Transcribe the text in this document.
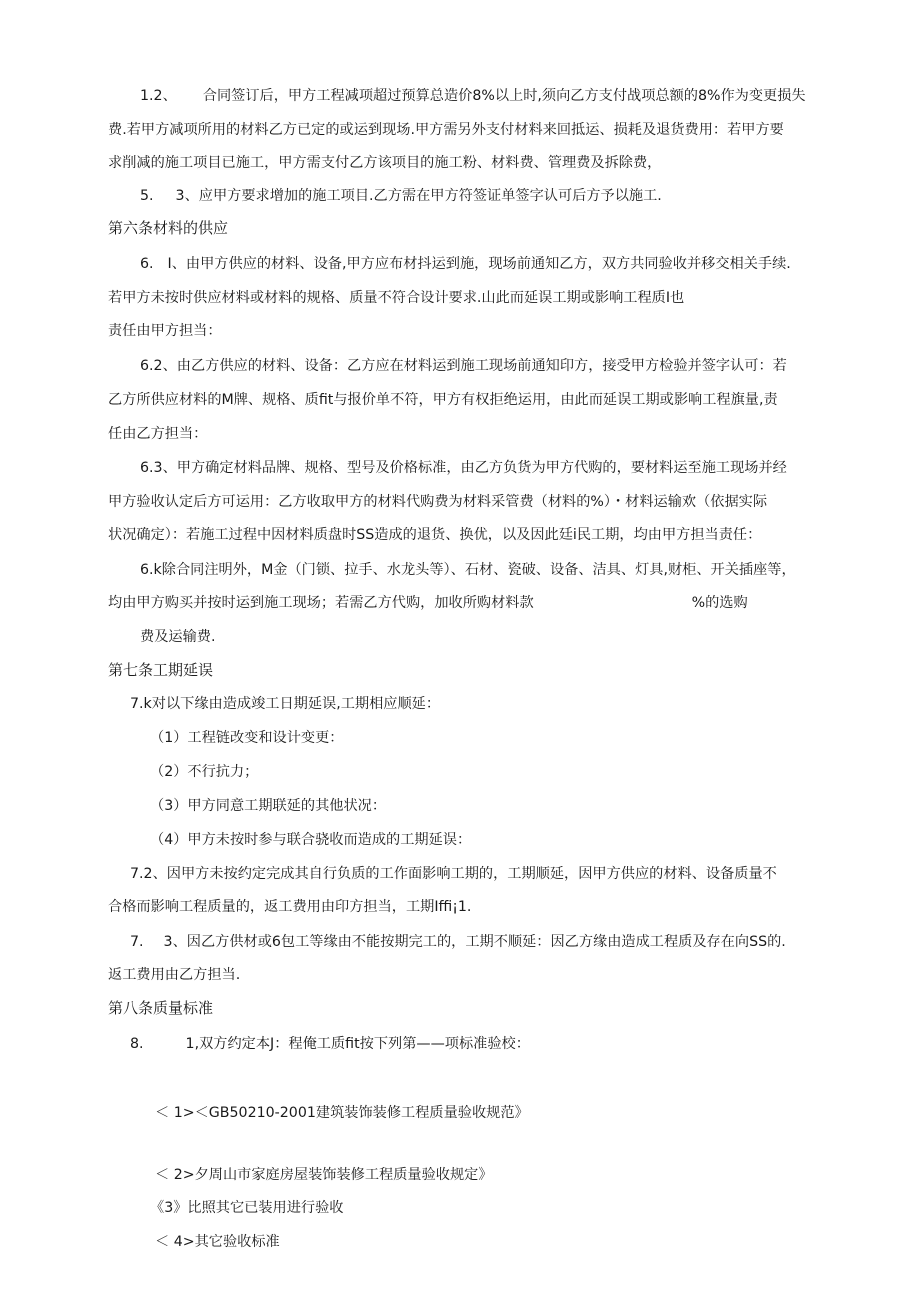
1.2、 合同签订后，甲方工程减项超过预算总造价8%以上时,须向乙方支付战项总额的8%作为变更损失

费.若甲方减项所用的材料乙方已定的或运到现场.甲方需另外支付材料来回抵运、损耗及退货费用：若甲方要

求削减的施工项目已施工，甲方需支付乙方该项目的施工粉、材料费、管理费及拆除费，

5. 3、应甲方要求增加的施工项目.乙方需在甲方符签证单签字认可后方予以施工.

第六条材料的供应

6. I、由甲方供应的材料、设备,甲方应布材抖运到施，现场前通知乙方，双方共同验收并移交相关手续.

若甲方未按时供应材料或材料的规格、质量不符合设计要求.山此而延误工期或影响工程质I也

责任由甲方担当：

6.2、由乙方供应的材料、设备：乙方应在材料运到施工现场前通知印方，接受甲方检验并签字认可：若

乙方所供应材料的M牌、规格、质fit与报价单不符，甲方有权拒绝运用，由此而延误工期或影响工程旗量,责

任由乙方担当：

6.3、甲方确定材料品牌、规格、型号及价格标准，由乙方负货为甲方代购的，要材料运至施工现场并经

甲方验收认定后方可运用：乙方收取甲方的材料代购费为材料采管费（材料的%）・材料运输欢（依据实际

状况确定）：若施工过程中因材料质盘时SS造成的退货、换优，以及因此廷i民工期，均由甲方担当责任：

6.k除合同注明外，M金（门锁、拉手、水龙头等）、石材、瓷破、设备、洁具、灯具,财柜、开关插座等，

均由甲方购买并按时运到施工现场；若需乙方代购，加收所购材料款	%的选购

费及运输费.

第七条工期延误

7.k对以下缘由造成竣工日期延误,工期相应顺延：

（1）工程链改变和设计变更：

（2）不行抗力；

（3）甲方同意工期联延的其他状况：

（4）甲方未按时参与联合骁收而造成的工期延误：

7.2、因甲方未按约定完成其自行负质的工作面影响工期的，工期顺延，因甲方供应的材料、设备质量不

合格而影响工程质量的，返工费用由印方担当，工期Iffi¡1.

7. 3、因乙方供材或6包工等缘由不能按期完工的，工期不顺延：因乙方缘由造成工程质及存在向SS的.

返工费用由乙方担当.

第八条质量标准

8.	1,双方约定本J：程俺工质fit按下列第——项标准验校：

＜ 1>＜GB50210-2001建筑装饰装修工程质量验收规范》

＜ 2>夕周山市家庭房屋装饰装修工程质量验收规定》

《3》比照其它已装用进行验收

＜ 4>其它验收标准
